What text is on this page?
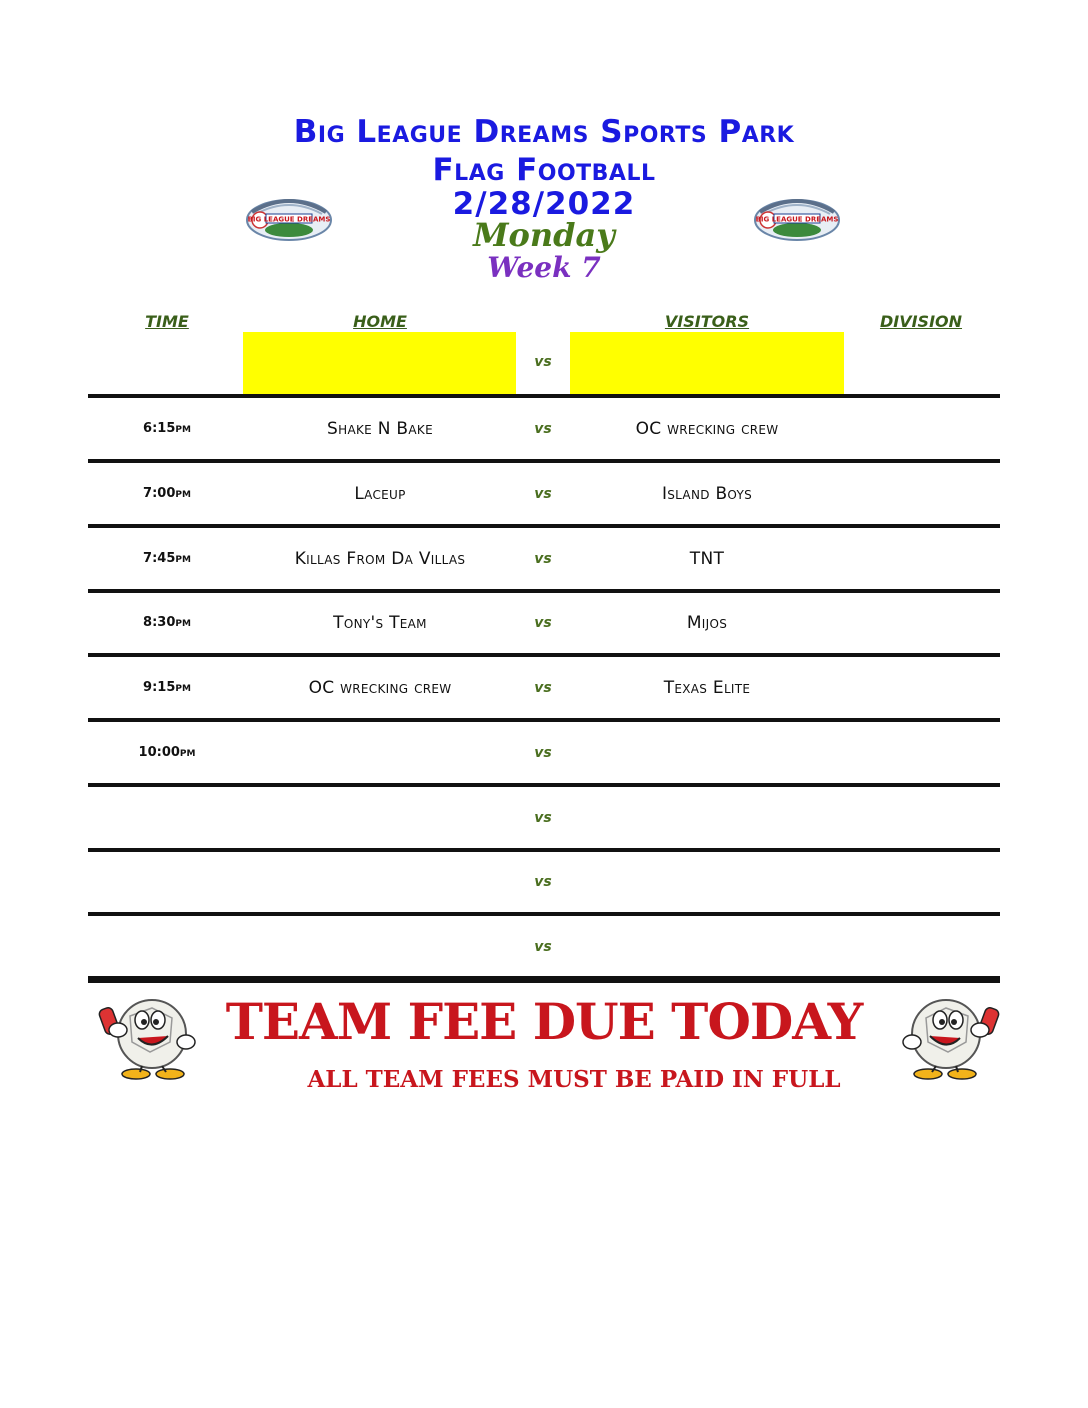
Big League Dreams Sports Park
Flag Football
2/28/2022
Monday
Week 7
BIG LEAGUE DREAMS	BIG LEAGUE DREAMS
TIME	HOME	VISITORS	DIVISION
vs
6:15pm	Shake N Bake	vs	OC wrecking crew
7:00pm	Laceup	vs	Island Boys
7:45pm	Killas From Da Villas	vs	TNT
8:30pm	Tony's Team	vs	Mijos
9:15pm	OC wrecking crew	vs	Texas Elite
10:00pm	vs
vs
vs
vs
TEAM FEE DUE TODAY
ALL TEAM FEES MUST BE PAID IN FULL
